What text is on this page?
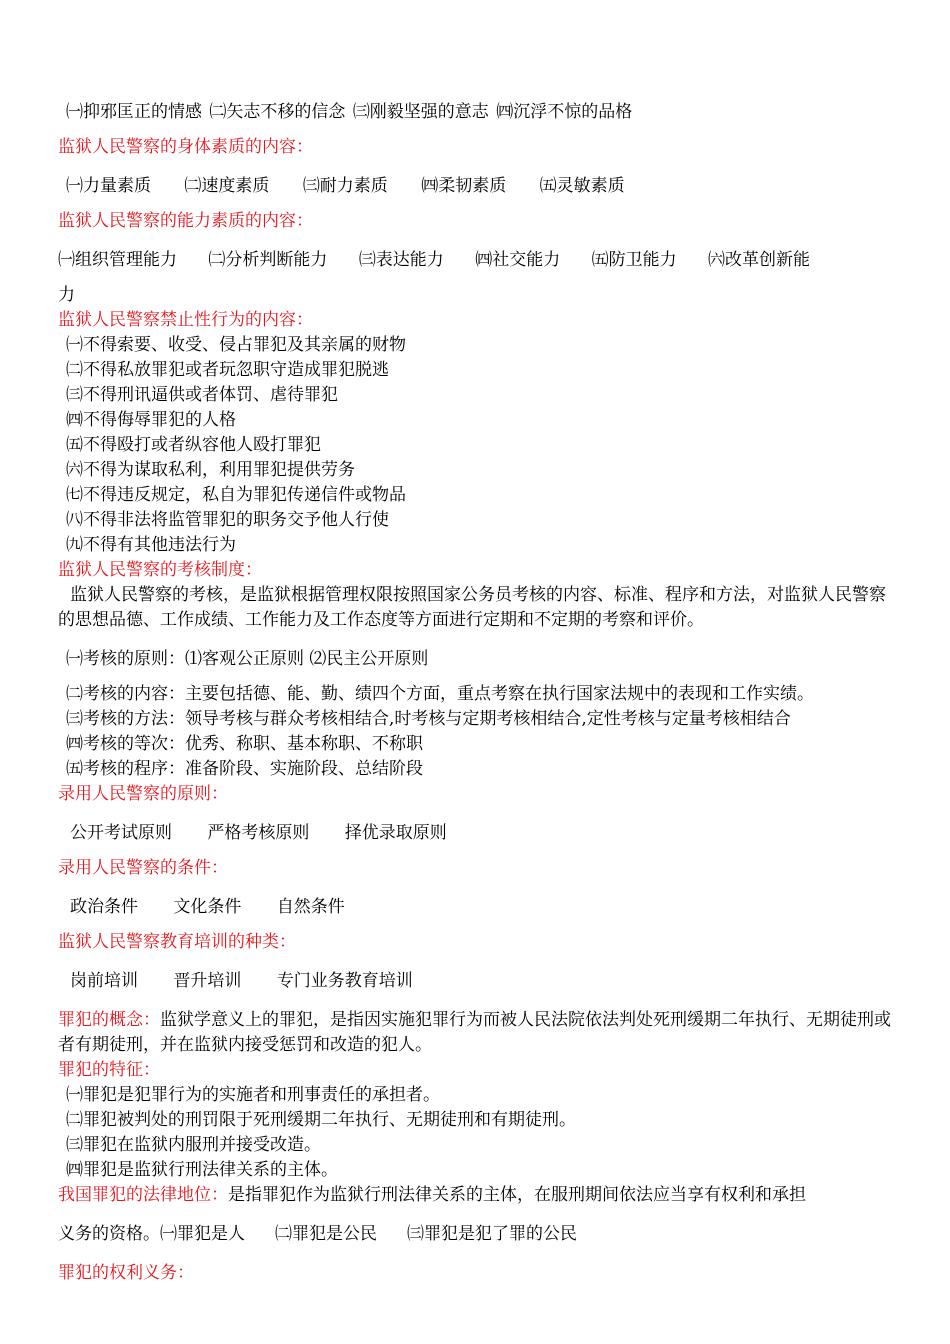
㈠抑邪匡正的情感 ㈡矢志不移的信念 ㈢刚毅坚强的意志 ㈣沉浮不惊的品格
监狱人民警察的身体素质的内容：
㈠力量素质 ㈡速度素质 ㈢耐力素质 ㈣柔韧素质 ㈤灵敏素质
监狱人民警察的能力素质的内容：
㈠组织管理能力 ㈡分析判断能力 ㈢表达能力 ㈣社交能力 ㈤防卫能力 ㈥改革创新能
力
监狱人民警察禁止性行为的内容：
㈠不得索要、收受、侵占罪犯及其亲属的财物
㈡不得私放罪犯或者玩忽职守造成罪犯脱逃
㈢不得刑讯逼供或者体罚、虐待罪犯
㈣不得侮辱罪犯的人格
㈤不得殴打或者纵容他人殴打罪犯
㈥不得为谋取私利，利用罪犯提供劳务
㈦不得违反规定，私自为罪犯传递信件或物品
㈧不得非法将监管罪犯的职务交予他人行使
㈨不得有其他违法行为
监狱人民警察的考核制度：
监狱人民警察的考核，是监狱根据管理权限按照国家公务员考核的内容、标准、程序和方法，对监狱人民警察的思想品德、工作成绩、工作能力及工作态度等方面进行定期和不定期的考察和评价。
㈠考核的原则：⑴客观公正原则 ⑵民主公开原则
㈡考核的内容：主要包括德、能、勤、绩四个方面，重点考察在执行国家法规中的表现和工作实绩。
㈢考核的方法：领导考核与群众考核相结合,时考核与定期考核相结合,定性考核与定量考核相结合
㈣考核的等次：优秀、称职、基本称职、不称职
㈤考核的程序：准备阶段、实施阶段、总结阶段
录用人民警察的原则：
公开考试原则 严格考核原则 择优录取原则
录用人民警察的条件：
政治条件 文化条件 自然条件
监狱人民警察教育培训的种类：
岗前培训 晋升培训 专门业务教育培训
罪犯的概念：监狱学意义上的罪犯，是指因实施犯罪行为而被人民法院依法判处死刑缓期二年执行、无期徒刑或者有期徒刑，并在监狱内接受惩罚和改造的犯人。
罪犯的特征：
㈠罪犯是犯罪行为的实施者和刑事责任的承担者。
㈡罪犯被判处的刑罚限于死刑缓期二年执行、无期徒刑和有期徒刑。
㈢罪犯在监狱内服刑并接受改造。
㈣罪犯是监狱行刑法律关系的主体。
我国罪犯的法律地位：是指罪犯作为监狱行刑法律关系的主体，在服刑期间依法应当享有权利和承担
义务的资格。㈠罪犯是人 ㈡罪犯是公民 ㈢罪犯是犯了罪的公民
罪犯的权利义务：
